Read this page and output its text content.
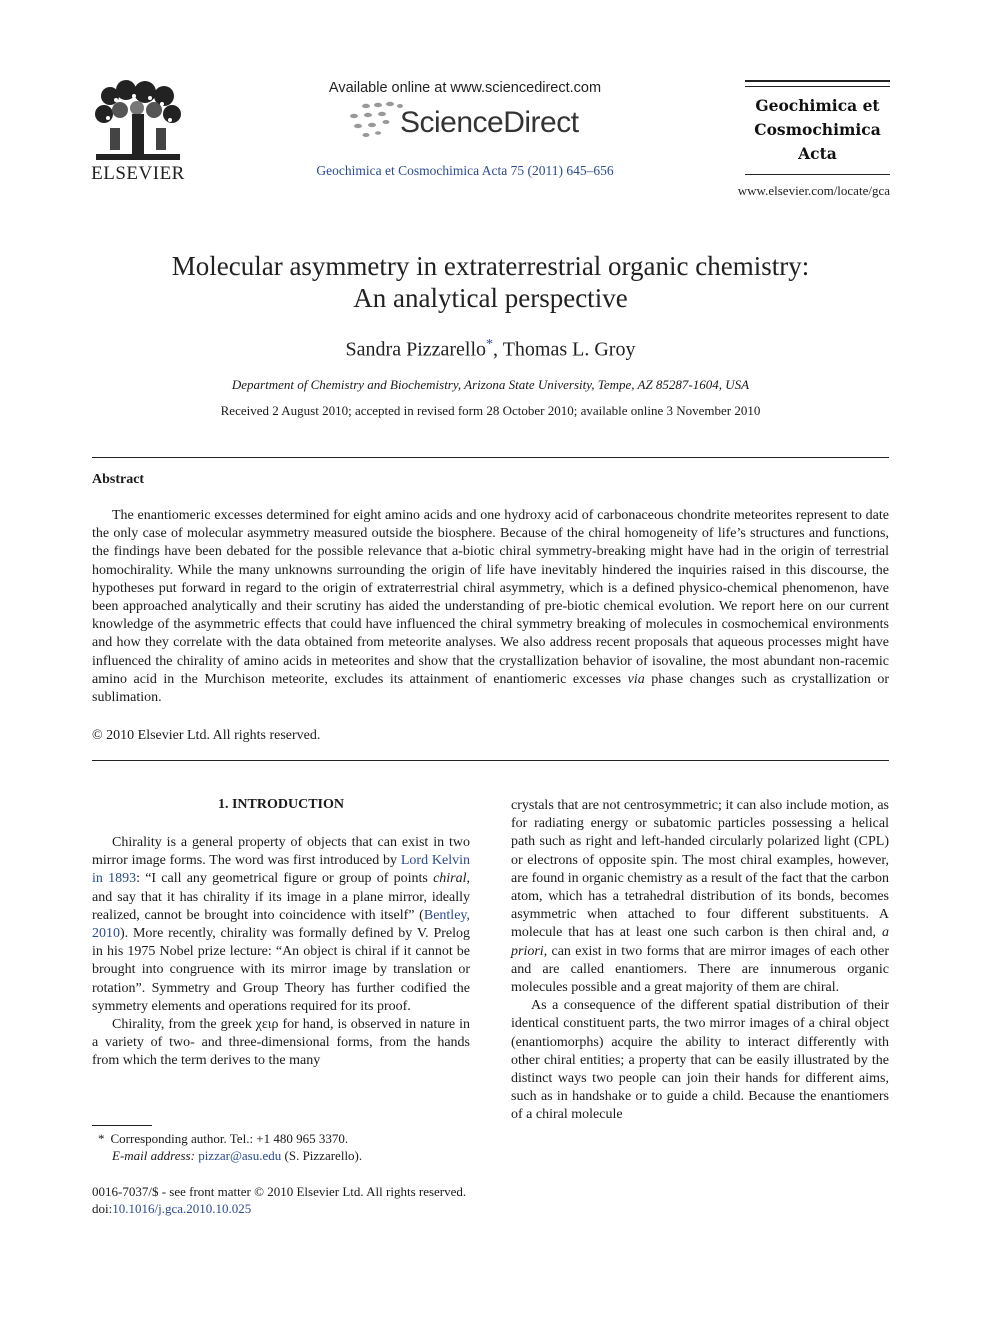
ELSEVIER
Available online at www.sciencedirect.com
ScienceDirect
Geochimica et Cosmochimica Acta 75 (2011) 645–656
Geochimica et
Cosmochimica
Acta
www.elsevier.com/locate/gca
Molecular asymmetry in extraterrestrial organic chemistry:
An analytical perspective
Sandra Pizzarello*, Thomas L. Groy
Department of Chemistry and Biochemistry, Arizona State University, Tempe, AZ 85287-1604, USA
Received 2 August 2010; accepted in revised form 28 October 2010; available online 3 November 2010
Abstract

The enantiomeric excesses determined for eight amino acids and one hydroxy acid of carbonaceous chondrite meteorites represent to date the only case of molecular asymmetry measured outside the biosphere. Because of the chiral homogeneity of life’s structures and functions, the findings have been debated for the possible relevance that a-biotic chiral symmetry-breaking might have had in the origin of terrestrial homochirality. While the many unknowns surrounding the origin of life have inevitably hindered the inquiries raised in this discourse, the hypotheses put forward in regard to the origin of extraterrestrial chiral asymmetry, which is a defined physico-chemical phenomenon, have been approached analytically and their scrutiny has aided the understanding of pre-biotic chemical evolution. We report here on our current knowledge of the asymmetric effects that could have influenced the chiral symmetry breaking of molecules in cosmochemical environments and how they correlate with the data obtained from meteorite analyses. We also address recent proposals that aqueous processes might have influenced the chirality of amino acids in meteorites and show that the crystallization behavior of isovaline, the most abundant non-racemic amino acid in the Murchison meteorite, excludes its attainment of enantiomeric excesses via phase changes such as crystallization or sublimation.

© 2010 Elsevier Ltd. All rights reserved.
1. INTRODUCTION

Chirality is a general property of objects that can exist in two mirror image forms. The word was first introduced by Lord Kelvin in 1893: “I call any geometrical figure or group of points chiral, and say that it has chirality if its image in a plane mirror, ideally realized, cannot be brought into coincidence with itself” (Bentley, 2010). More recently, chirality was formally defined by V. Prelog in his 1975 Nobel prize lecture: “An object is chiral if it cannot be brought into congruence with its mirror image by translation or rotation”. Symmetry and Group Theory has further codified the symmetry elements and operations required for its proof.

Chirality, from the greek χειρ for hand, is observed in nature in a variety of two- and three-dimensional forms, from the hands from which the term derives to the many

crystals that are not centrosymmetric; it can also include motion, as for radiating energy or subatomic particles possessing a helical path such as right and left-handed circularly polarized light (CPL) or electrons of opposite spin. The most chiral examples, however, are found in organic chemistry as a result of the fact that the carbon atom, which has a tetrahedral distribution of its bonds, becomes asymmetric when attached to four different substituents. A molecule that has at least one such carbon is then chiral and, a priori, can exist in two forms that are mirror images of each other and are called enantiomers. There are innumerous organic molecules possible and a great majority of them are chiral.

As a consequence of the different spatial distribution of their identical constituent parts, the two mirror images of a chiral object (enantiomorphs) acquire the ability to interact differently with other chiral entities; a property that can be easily illustrated by the distinct ways two people can join their hands for different aims, such as in handshake or to guide a child. Because the enantiomers of a chiral molecule

* Corresponding author. Tel.: +1 480 965 3370.
E-mail address: pizzar@asu.edu (S. Pizzarello).
0016-7037/$ - see front matter © 2010 Elsevier Ltd. All rights reserved.
doi:10.1016/j.gca.2010.10.025
